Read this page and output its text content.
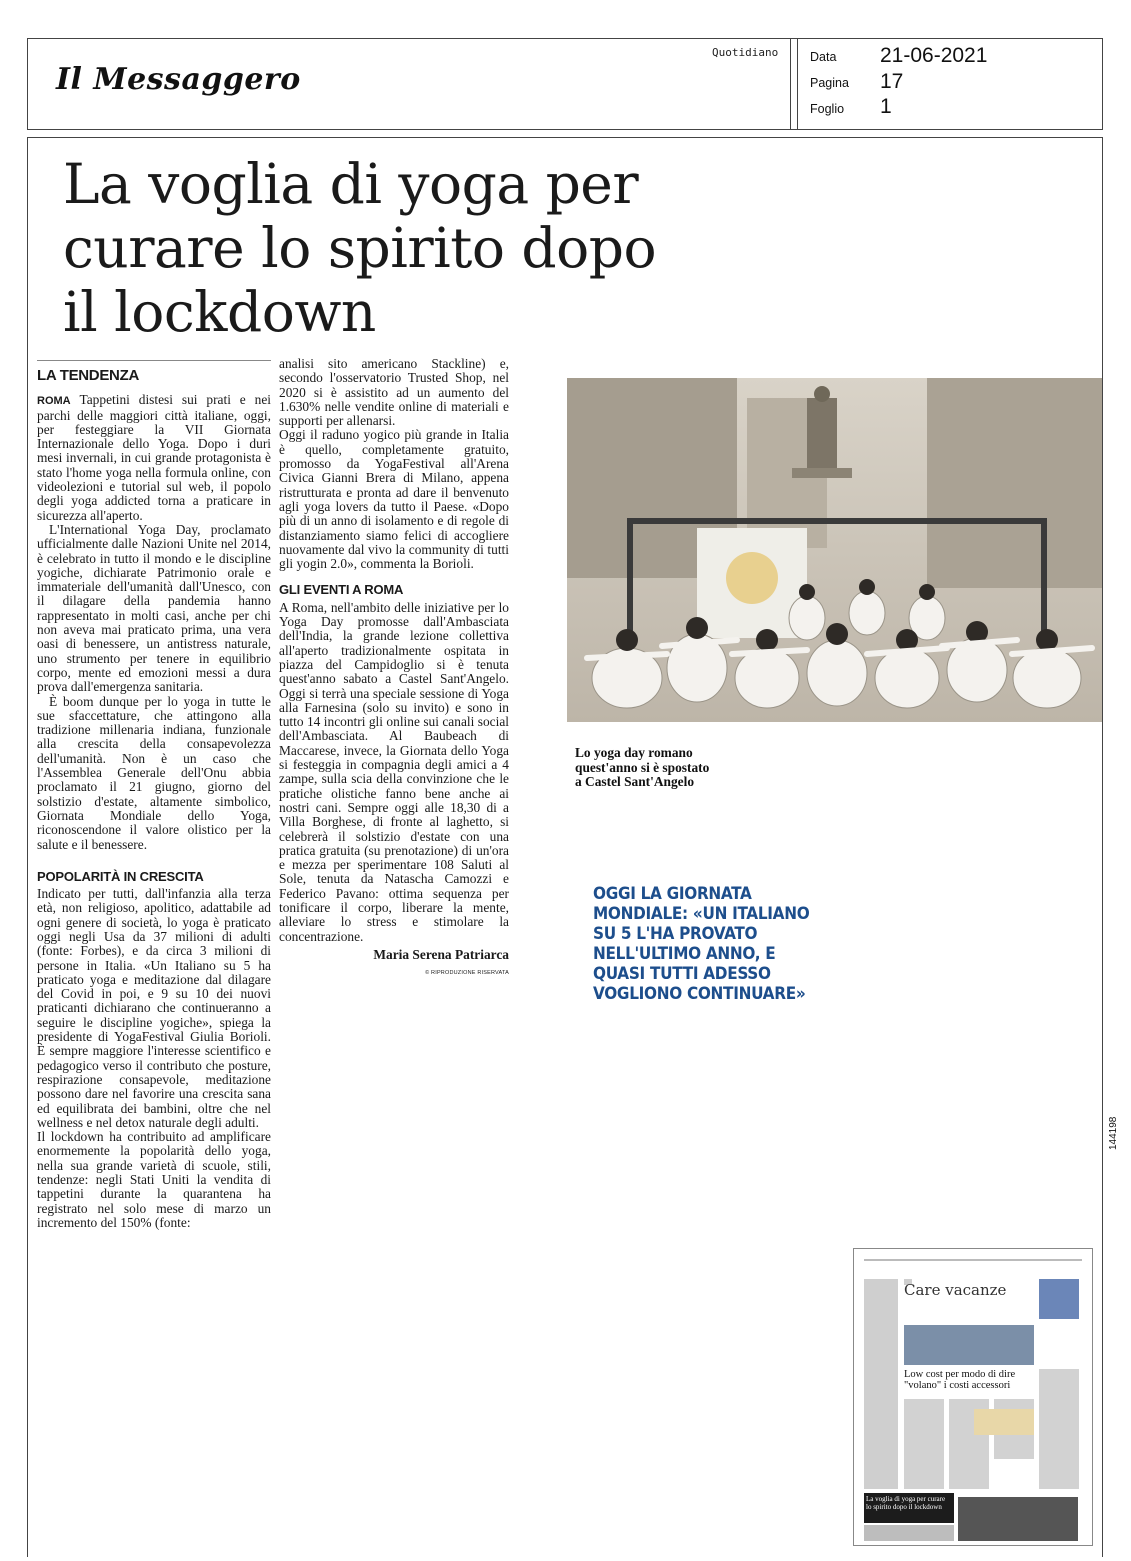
Il Messaggero
Quotidiano	Data 21-06-2021
Pagina 17
Foglio 1
La voglia di yoga per curare lo spirito dopo il lockdown
LA TENDENZA

ROMA Tappetini distesi sui prati e nei parchi delle maggiori città italiane, oggi, per festeggiare la VII Giornata Internazionale dello Yoga. Dopo i duri mesi invernali, in cui grande protagonista è stato l'home yoga nella formula online, con videolezioni e tutorial sul web, il popolo degli yoga addicted torna a praticare in sicurezza all'aperto.

L'International Yoga Day, proclamato ufficialmente dalle Nazioni Unite nel 2014, è celebrato in tutto il mondo e le discipline yogiche, dichiarate Patrimonio orale e immateriale dell'umanità dall'Unesco, con il dilagare della pandemia hanno rappresentato in molti casi, anche per chi non aveva mai praticato prima, una vera oasi di benessere, un antistress naturale, uno strumento per tenere in equilibrio corpo, mente ed emozioni messi a dura prova dall'emergenza sanitaria.

È boom dunque per lo yoga in tutte le sue sfaccettature, che attingono alla tradizione millenaria indiana, funzionale alla crescita della consapevolezza dell'umanità. Non è un caso che l'Assemblea Generale dell'Onu abbia proclamato il 21 giugno, giorno del solstizio d'estate, altamente simbolico, Giornata Mondiale dello Yoga, riconoscendone il valore olistico per la salute e il benessere.

POPOLARITÀ IN CRESCITA

Indicato per tutti, dall'infanzia alla terza età, non religioso, apolitico, adattabile ad ogni genere di società, lo yoga è praticato oggi negli Usa da 37 milioni di adulti (fonte: Forbes), e da circa 3 milioni di persone in Italia. «Un Italiano su 5 ha praticato yoga e meditazione dal dilagare del Covid in poi, e 9 su 10 dei nuovi praticanti dichiarano che continueranno a seguire le discipline yogiche», spiega la presidente di YogaFestival Giulia Borioli. È sempre maggiore l'interesse scientifico e pedagogico verso il contributo che posture, respirazione consapevole, meditazione possono dare nel favorire una crescita sana ed equilibrata dei bambini, oltre che nel wellness e nel detox naturale degli adulti.

Il lockdown ha contribuito ad amplificare enormemente la popolarità dello yoga, nella sua grande varietà di scuole, stili, tendenze: negli Stati Uniti la vendita di tappetini durante la quarantena ha registrato nel solo mese di marzo un incremento del 150% (fonte:

analisi sito americano Stackline) e, secondo l'osservatorio Trusted Shop, nel 2020 si è assistito ad un aumento del 1.630% nelle vendite online di materiali e supporti per allenarsi.

Oggi il raduno yogico più grande in Italia è quello, completamente gratuito, promosso da YogaFestival all'Arena Civica Gianni Brera di Milano, appena ristrutturata e pronta ad dare il benvenuto agli yoga lovers da tutto il Paese. «Dopo più di un anno di isolamento e di regole di distanziamento siamo felici di accogliere nuovamente dal vivo la community di tutti gli yogin 2.0», commenta la Borioli.

GLI EVENTI A ROMA

A Roma, nell'ambito delle iniziative per lo Yoga Day promosse dall'Ambasciata dell'India, la grande lezione collettiva all'aperto tradizionalmente ospitata in piazza del Campidoglio si è tenuta quest'anno sabato a Castel Sant'Angelo. Oggi si terrà una speciale sessione di Yoga alla Farnesina (solo su invito) e sono in tutto 14 incontri gli online sui canali social dell'Ambasciata. Al Baubeach di Maccarese, invece, la Giornata dello Yoga si festeggia in compagnia degli amici a 4 zampe, sulla scia della convinzione che le pratiche olistiche fanno bene anche ai nostri cani. Sempre oggi alle 18,30 di a Villa Borghese, di fronte al laghetto, si celebrerà il solstizio d'estate con una pratica gratuita (su prenotazione) di un'ora e mezza per sperimentare 108 Saluti al Sole, tenuta da Natascha Camozzi e Federico Pavano: ottima sequenza per tonificare il corpo, liberare la mente, alleviare lo stress e stimolare la concentrazione.

Maria Serena Patriarca
© RIPRODUZIONE RISERVATA
Lo yoga day romano quest'anno si è spostato a Castel Sant'Angelo
OGGI LA GIORNATA MONDIALE: «UN ITALIANO SU 5 L'HA PROVATO NELL'ULTIMO ANNO, E QUASI TUTTI ADESSO VOGLIONO CONTINUARE»
Care vacanze
Low cost per modo di dire "volano" i costi accessori
La voglia di yoga per curare lo spirito dopo il lockdown
144198
